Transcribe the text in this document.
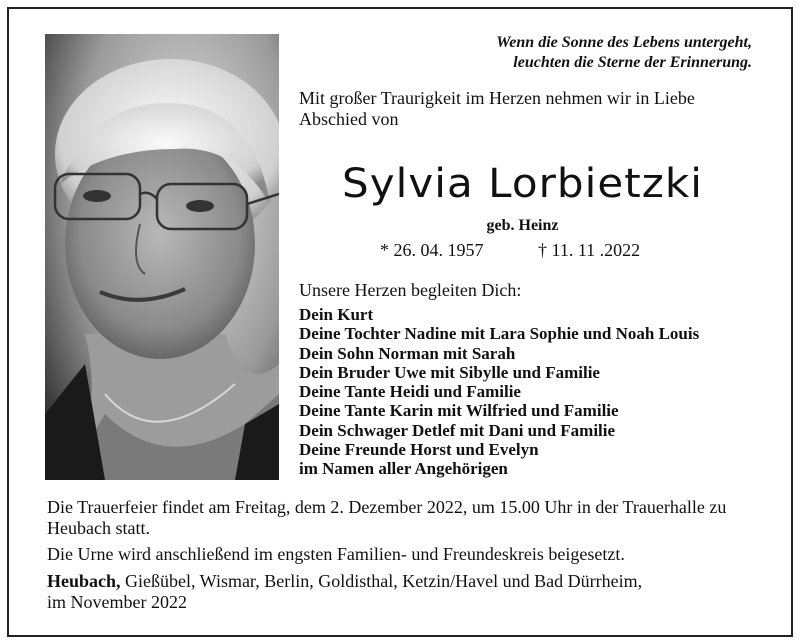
Wenn die Sonne des Lebens untergeht,
leuchten die Sterne der Erinnerung.
Mit großer Traurigkeit im Herzen nehmen wir in Liebe Abschied von
Sylvia Lorbietzki
geb. Heinz
* 26. 04. 1957	† 11. 11 .2022
Unsere Herzen begleiten Dich:
Dein Kurt
Deine Tochter Nadine mit Lara Sophie und Noah Louis
Dein Sohn Norman mit Sarah
Dein Bruder Uwe mit Sibylle und Familie
Deine Tante Heidi und Familie
Deine Tante Karin mit Wilfried und Familie
Dein Schwager Detlef mit Dani und Familie
Deine Freunde Horst und Evelyn
im Namen aller Angehörigen
Die Trauerfeier findet am Freitag, dem 2. Dezember 2022, um 15.00 Uhr in der Trauerhalle zu Heubach statt.
Die Urne wird anschließend im engsten Familien- und Freundeskreis beigesetzt.
Heubach, Gießübel, Wismar, Berlin, Goldisthal, Ketzin/Havel und Bad Dürrheim,
im November 2022
